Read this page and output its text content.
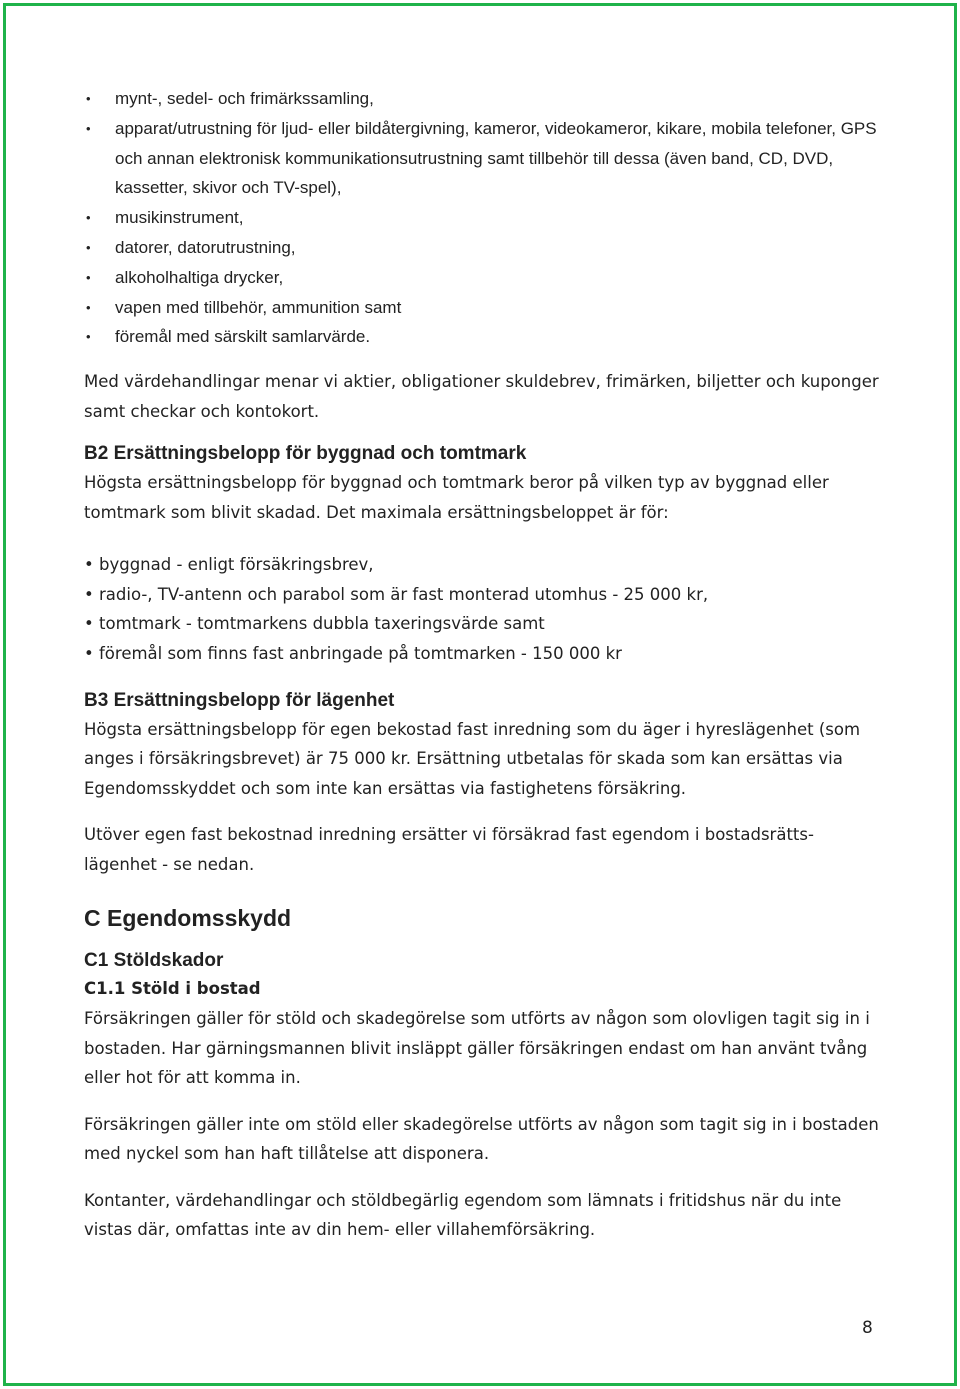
• mynt-, sedel- och frimärkssamling,
• apparat/utrustning för ljud- eller bildåtergivning, kameror, videokameror, kikare, mobila telefoner, GPS och annan elektronisk kommunikationsutrustning samt tillbehör till dessa (även band, CD, DVD, kassetter, skivor och TV-spel),
• musikinstrument,
• datorer, datorutrustning,
• alkoholhaltiga drycker,
• vapen med tillbehör, ammunition samt
• föremål med särskilt samlarvärde.

Med värdehandlingar menar vi aktier, obligationer skuldebrev, frimärken, biljetter och kuponger samt checkar och kontokort.

B2 Ersättningsbelopp för byggnad och tomtmark

Högsta ersättningsbelopp för byggnad och tomtmark beror på vilken typ av byggnad eller tomtmark som blivit skadad. Det maximala ersättningsbeloppet är för:

• byggnad - enligt försäkringsbrev,
• radio-, TV-antenn och parabol som är fast monterad utomhus - 25 000 kr,
• tomtmark - tomtmarkens dubbla taxeringsvärde samt
• föremål som finns fast anbringade på tomtmarken - 150 000 kr
B3 Ersättningsbelopp för lägenhet

Högsta ersättningsbelopp för egen bekostad fast inredning som du äger i hyreslägenhet (som anges i försäkringsbrevet) är 75 000 kr. Ersättning utbetalas för skada som kan ersättas via Egendomsskyddet och som inte kan ersättas via fastighetens försäkring.

Utöver egen fast bekostnad inredning ersätter vi försäkrad fast egendom i bostadsrätts-lägenhet - se nedan.

C Egendomsskydd
C1 Stöldskador
C1.1 Stöld i bostad

Försäkringen gäller för stöld och skadegörelse som utförts av någon som olovligen tagit sig in i bostaden. Har gärningsmannen blivit insläppt gäller försäkringen endast om han använt tvång eller hot för att komma in.

Försäkringen gäller inte om stöld eller skadegörelse utförts av någon som tagit sig in i bostaden med nyckel som han haft tillåtelse att disponera.

Kontanter, värdehandlingar och stöldbegärlig egendom som lämnats i fritidshus när du inte vistas där, omfattas inte av din hem- eller villahemförsäkring.

8
